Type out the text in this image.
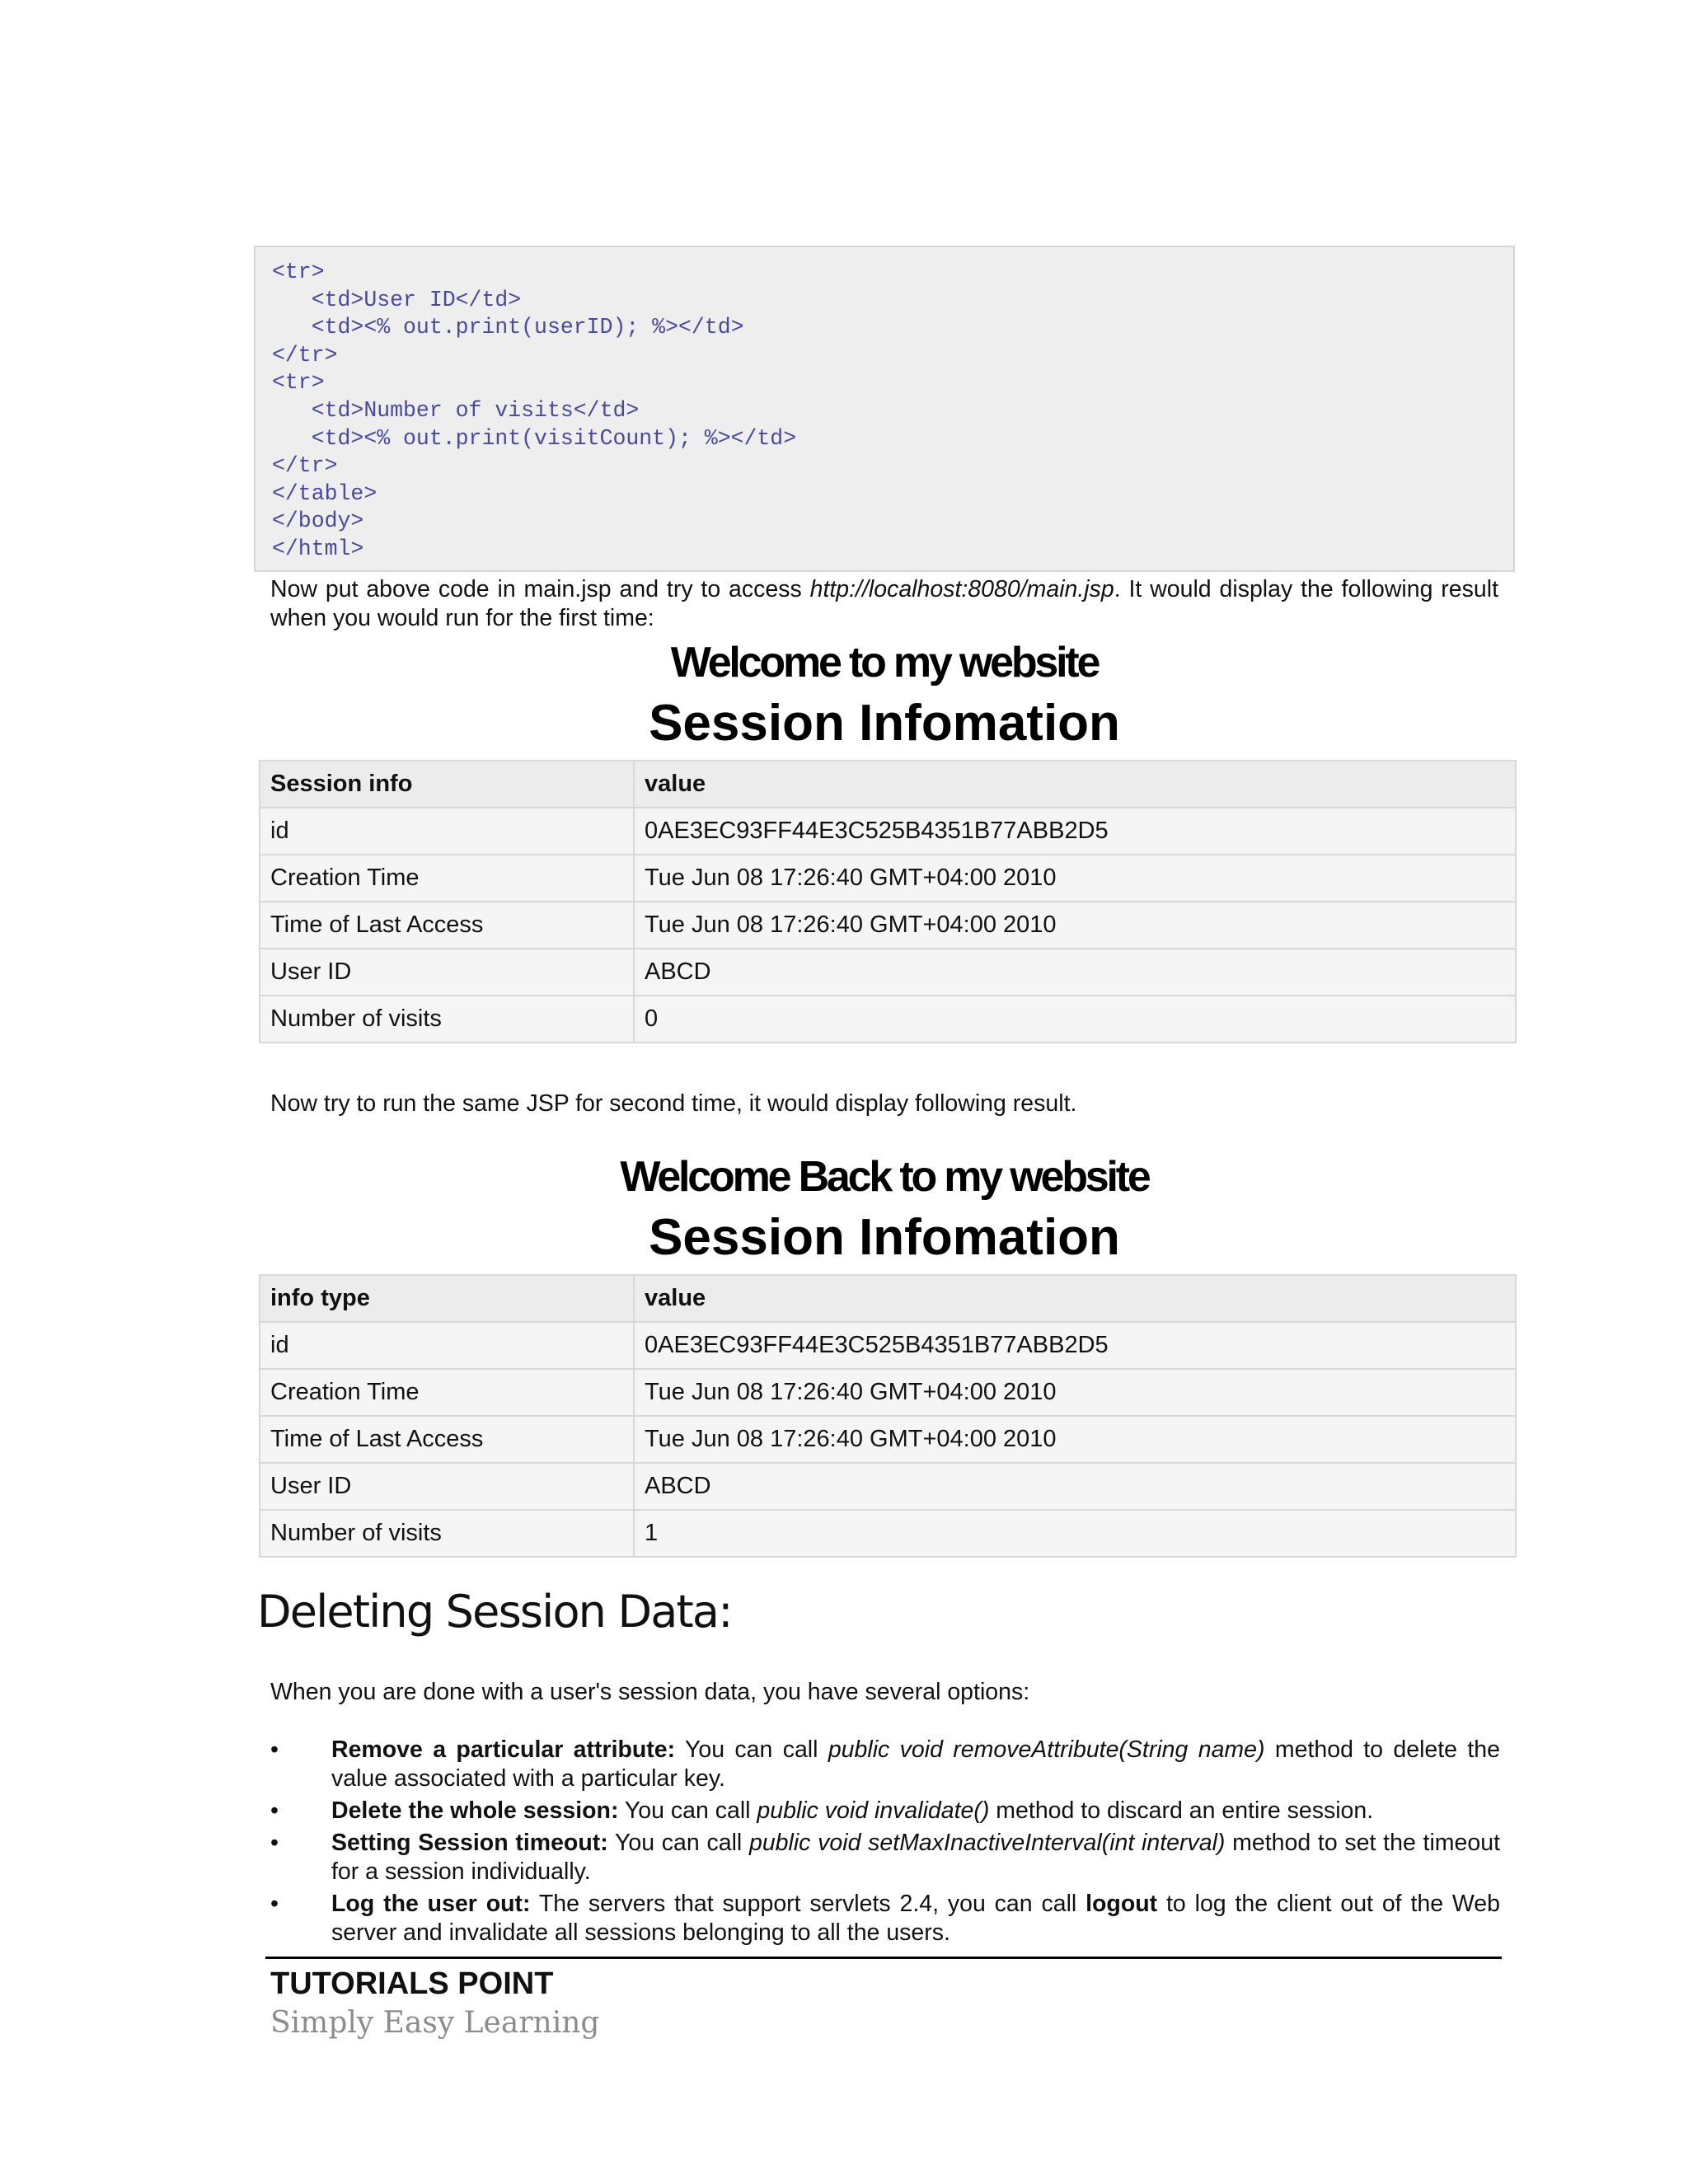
<tr>
<td>User ID</td>
<td><% out.print(userID); %></td>
</tr>
<tr>
<td>Number of visits</td>
<td><% out.print(visitCount); %></td>
</tr>
</table>
</body>
</html>
Now put above code in main.jsp and try to access http://localhost:8080/main.jsp. It would display the following result when you would run for the first time:
Welcome to my website
Session Infomation
Session info	value
id	0AE3EC93FF44E3C525B4351B77ABB2D5
Creation Time	Tue Jun 08 17:26:40 GMT+04:00 2010
Time of Last Access	Tue Jun 08 17:26:40 GMT+04:00 2010
User ID	ABCD
Number of visits	0
Now try to run the same JSP for second time, it would display following result.
Welcome Back to my website
Session Infomation
info type	value
id	0AE3EC93FF44E3C525B4351B77ABB2D5
Creation Time	Tue Jun 08 17:26:40 GMT+04:00 2010
Time of Last Access	Tue Jun 08 17:26:40 GMT+04:00 2010
User ID	ABCD
Number of visits	1
Deleting Session Data:
When you are done with a user's session data, you have several options:
• Remove a particular attribute: You can call public void removeAttribute(String name) method to delete the value associated with a particular key.
• Delete the whole session: You can call public void invalidate() method to discard an entire session.
• Setting Session timeout: You can call public void setMaxInactiveInterval(int interval) method to set the timeout for a session individually.
• Log the user out: The servers that support servlets 2.4, you can call logout to log the client out of the Web server and invalidate all sessions belonging to all the users.
TUTORIALS POINT
Simply Easy Learning
